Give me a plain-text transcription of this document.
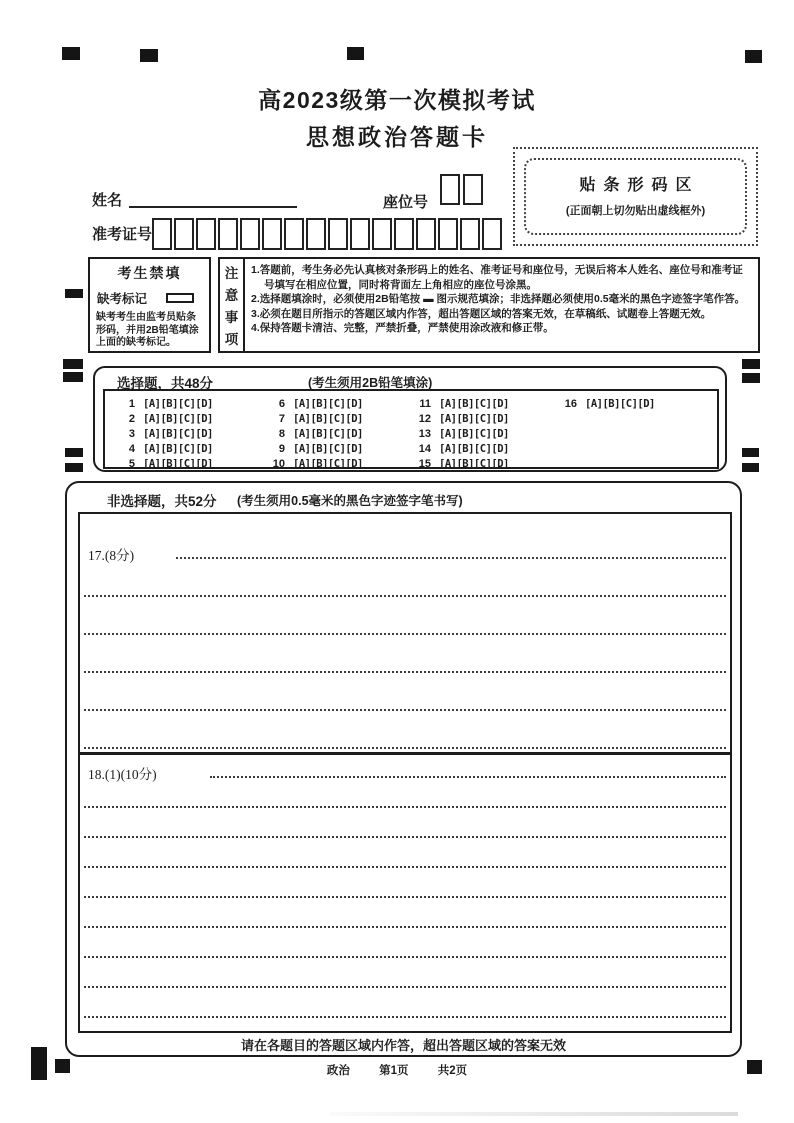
高2023级第一次模拟考试
思想政治答题卡
姓名	座位号
准考证号
贴条形码区
(正面朝上切勿贴出虚线框外)
考生禁填
缺考标记
缺考考生由监考员贴条形码，并用2B铅笔填涂上面的缺考标记。
注
意
事
项
1.答题前，考生务必先认真核对条形码上的姓名、准考证号和座位号，无误后将本人姓名、座位号和准考证号填写在相应位置，同时将背面左上角相应的座位号涂黑。
2.选择题填涂时，必须使用2B铅笔按 ▬ 图示规范填涂；非选择题必须使用0.5毫米的黑色字迹签字笔作答。
3.必须在题目所指示的答题区域内作答，超出答题区域的答案无效，在草稿纸、试题卷上答题无效。
4.保持答题卡清洁、完整，严禁折叠，严禁使用涂改液和修正带。
选择题，共48分	(考生须用2B铅笔填涂)
1 [A][B][C][D]
2 [A][B][C][D]
3 [A][B][C][D]
4 [A][B][C][D]
5 [A][B][C][D]
6 [A][B][C][D]
7 [A][B][C][D]
8 [A][B][C][D]
9 [A][B][C][D]
10 [A][B][C][D]
11 [A][B][C][D]
12 [A][B][C][D]
13 [A][B][C][D]
14 [A][B][C][D]
15 [A][B][C][D]
16 [A][B][C][D]
非选择题，共52分 (考生须用0.5毫米的黑色字迹签字笔书写)
17.(8分)
18.(1)(10分)
请在各题目的答题区域内作答，超出答题区域的答案无效
政治	第1页	共2页
